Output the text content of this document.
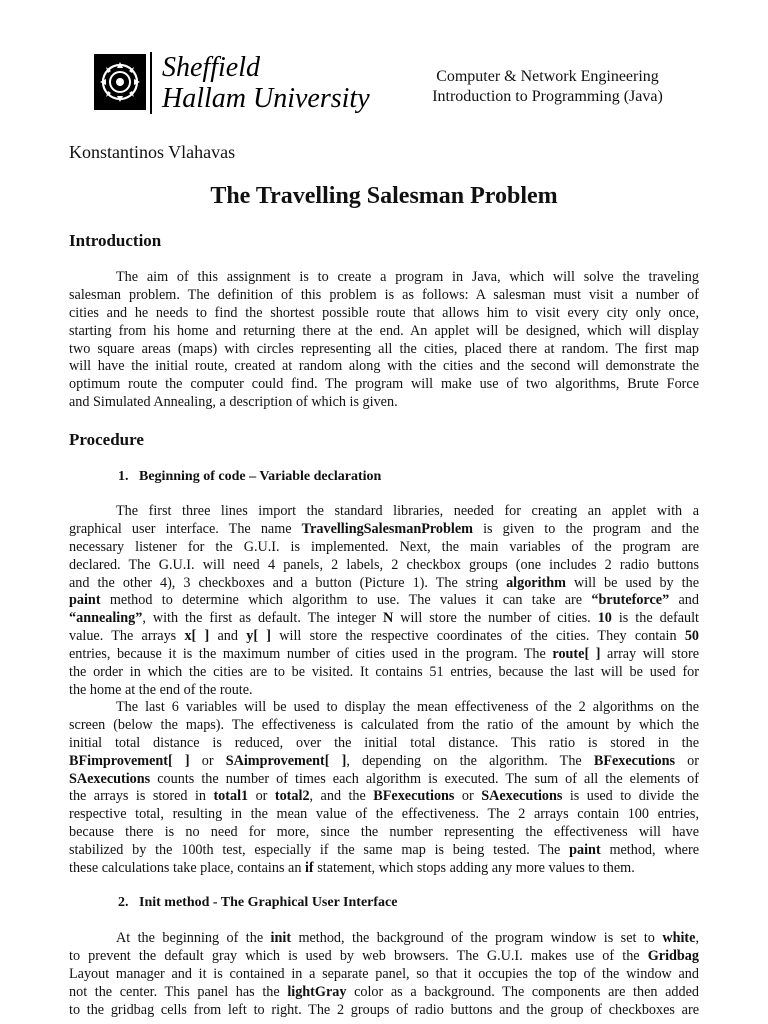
Sheffield
Hallam University
Computer & Network Engineering
Introduction to Programming (Java)
Konstantinos Vlahavas
The Travelling Salesman Problem
Introduction
The aim of this assignment is to create a program in Java, which will solve the traveling
salesman problem. The definition of this problem is as follows: A salesman must visit a number of
cities and he needs to find the shortest possible route that allows him to visit every city only once,
starting from his home and returning there at the end. An applet will be designed, which will display
two square areas (maps) with circles representing all the cities, placed there at random. The first map
will have the initial route, created at random along with the cities and the second will demonstrate the
optimum route the computer could find. The program will make use of two algorithms, Brute Force
and Simulated Annealing, a description of which is given.
Procedure
1. Beginning of code – Variable declaration
The first three lines import the standard libraries, needed for creating an applet with a
graphical user interface. The name TravellingSalesmanProblem is given to the program and the
necessary listener for the G.U.I. is implemented. Next, the main variables of the program are
declared. The G.U.I. will need 4 panels, 2 labels, 2 checkbox groups (one includes 2 radio buttons
and the other 4), 3 checkboxes and a button (Picture 1). The string algorithm will be used by the
paint method to determine which algorithm to use. The values it can take are “bruteforce” and
“annealing”, with the first as default. The integer N will store the number of cities. 10 is the default
value. The arrays x[ ] and y[ ] will store the respective coordinates of the cities. They contain 50
entries, because it is the maximum number of cities used in the program. The route[ ] array will store
the order in which the cities are to be visited. It contains 51 entries, because the last will be used for
the home at the end of the route.
The last 6 variables will be used to display the mean effectiveness of the 2 algorithms on the
screen (below the maps). The effectiveness is calculated from the ratio of the amount by which the
initial total distance is reduced, over the initial total distance. This ratio is stored in the
BFimprovement[ ] or SAimprovement[ ], depending on the algorithm. The BFexecutions or
SAexecutions counts the number of times each algorithm is executed. The sum of all the elements of
the arrays is stored in total1 or total2, and the BFexecutions or SAexecutions is used to divide the
respective total, resulting in the mean value of the effectiveness. The 2 arrays contain 100 entries,
because there is no need for more, since the number representing the effectiveness will have
stabilized by the 100th test, especially if the same map is being tested. The paint method, where
these calculations take place, contains an if statement, which stops adding any more values to them.
2. Init method - The Graphical User Interface
At the beginning of the init method, the background of the program window is set to white,
to prevent the default gray which is used by web browsers. The G.U.I. makes use of the Gridbag
Layout manager and it is contained in a separate panel, so that it occupies the top of the window and
not the center. This panel has the lightGray color as a background. The components are then added
to the gridbag cells from left to right. The 2 groups of radio buttons and the group of checkboxes are
